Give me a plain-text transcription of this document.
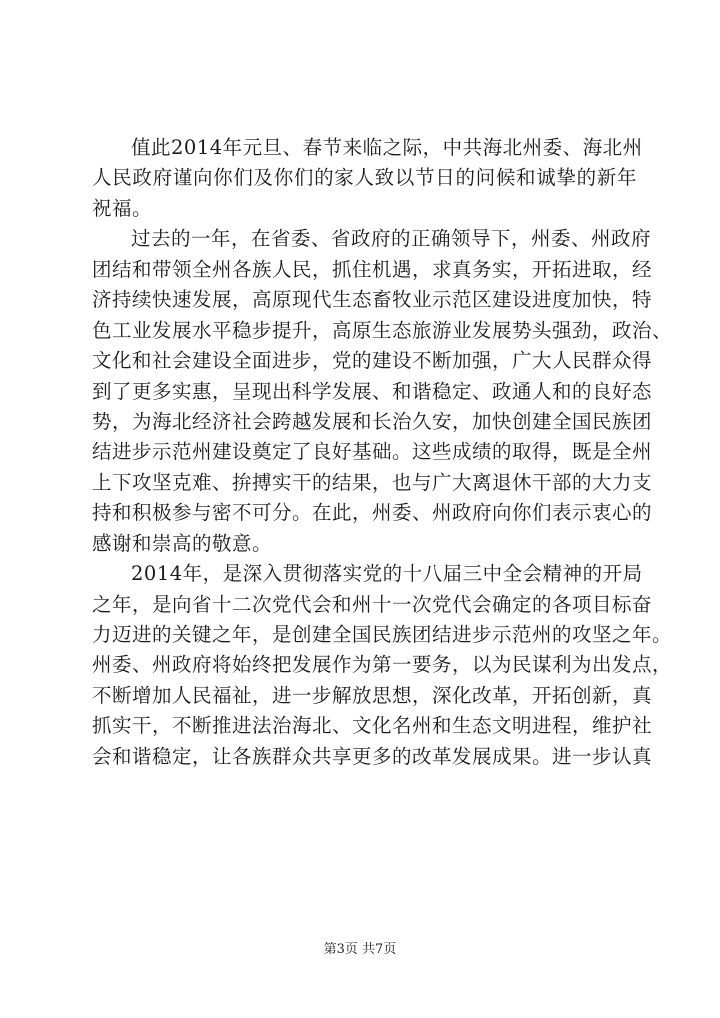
值此2014年元旦、春节来临之际，中共海北州委、海北州
人民政府谨向你们及你们的家人致以节日的问候和诚挚的新年
祝福。
过去的一年，在省委、省政府的正确领导下，州委、州政府
团结和带领全州各族人民，抓住机遇，求真务实，开拓进取，经
济持续快速发展，高原现代生态畜牧业示范区建设进度加快，特
色工业发展水平稳步提升，高原生态旅游业发展势头强劲，政治、
文化和社会建设全面进步，党的建设不断加强，广大人民群众得
到了更多实惠，呈现出科学发展、和谐稳定、政通人和的良好态
势，为海北经济社会跨越发展和长治久安，加快创建全国民族团
结进步示范州建设奠定了良好基础。这些成绩的取得，既是全州
上下攻坚克难、拚搏实干的结果，也与广大离退休干部的大力支
持和积极参与密不可分。在此，州委、州政府向你们表示衷心的
感谢和崇高的敬意。
2014年，是深入贯彻落实党的十八届三中全会精神的开局
之年，是向省十二次党代会和州十一次党代会确定的各项目标奋
力迈进的关键之年，是创建全国民族团结进步示范州的攻坚之年。
州委、州政府将始终把发展作为第一要务，以为民谋利为出发点，
不断增加人民福祉，进一步解放思想，深化改革，开拓创新，真
抓实干，不断推进法治海北、文化名州和生态文明进程，维护社
会和谐稳定，让各族群众共享更多的改革发展成果。进一步认真
第3页 共7页
